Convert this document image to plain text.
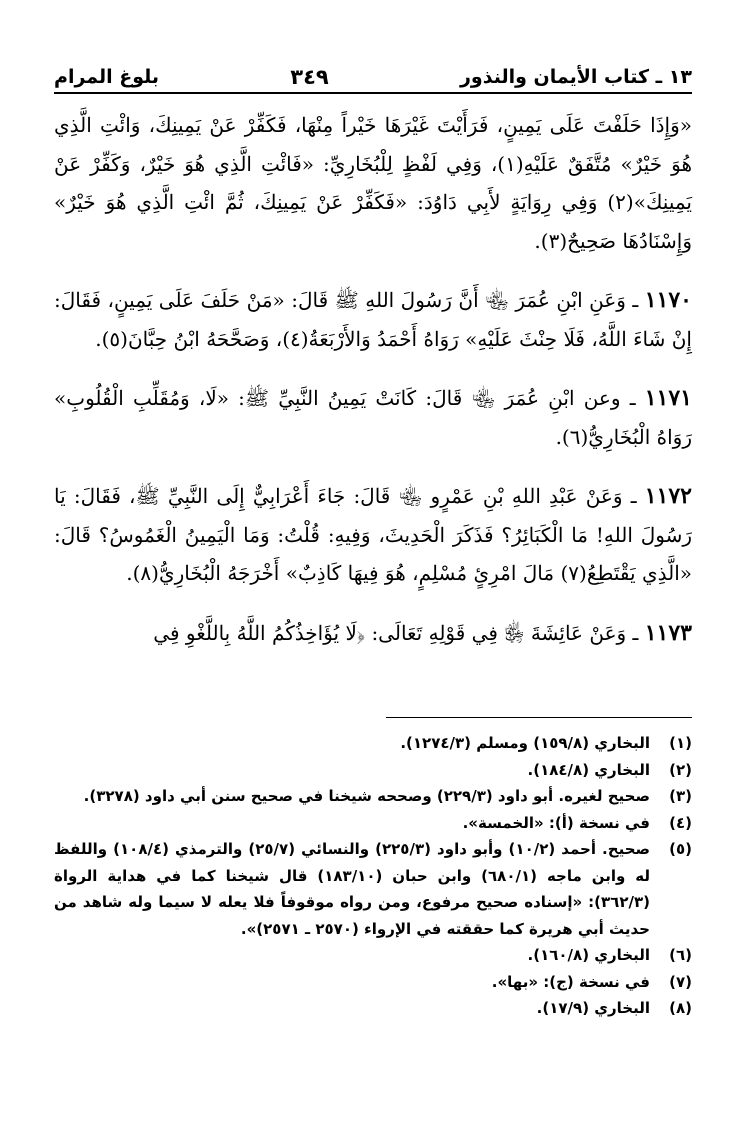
١٣ ـ كتاب الأيمان والنذور
٣٤٩
بلوغ المرام

«وَإِذَا حَلَفْتَ عَلَى يَمِينٍ، فَرَأَيْتَ غَيْرَهَا خَيْراً مِنْهَا، فَكَفِّرْ عَنْ يَمِينِكَ، وَائْتِ الَّذِي هُوَ خَيْرٌ» مُتَّفَقٌ عَلَيْهِ(١)، وَفِي لَفْظٍ لِلْبُخَارِيِّ: «فَائْتِ الَّذِي هُوَ خَيْرٌ، وَكَفِّرْ عَنْ يَمِينِكَ»(٢) وَفِي رِوَايَةٍ لأَبِي دَاوُدَ: «فَكَفِّرْ عَنْ يَمِينِكَ، ثُمَّ ائْتِ الَّذِي هُوَ خَيْرٌ» وَإِسْنَادُهَا صَحِيحٌ(٣).

١١٧٠ ـ وَعَنِ ابْنِ عُمَرَ ﵄ أَنَّ رَسُولَ اللهِ ﷺ قَالَ: «مَنْ حَلَفَ عَلَى يَمِينٍ، فَقَالَ: إِنْ شَاءَ اللَّهُ، فَلَا حِنْثَ عَلَيْهِ» رَوَاهُ أَحْمَدُ وَالأَرْبَعَةُ(٤)، وَصَحَّحَهُ ابْنُ حِبَّانَ(٥).

١١٧١ ـ وعن ابْنِ عُمَرَ ﵄ قَالَ: كَانَتْ يَمِينُ النَّبِيِّ ﷺ: «لَا، وَمُقَلِّبِ الْقُلُوبِ» رَوَاهُ الْبُخَارِيُّ(٦).

١١٧٢ ـ وَعَنْ عَبْدِ اللهِ بْنِ عَمْرٍو ﵄ قَالَ: جَاءَ أَعْرَابِيٌّ إِلَى النَّبِيِّ ﷺ، فَقَالَ: يَا رَسُولَ اللهِ! مَا الْكَبَائِرُ؟ فَذَكَرَ الْحَدِيثَ، وَفِيهِ: قُلْتُ: وَمَا الْيَمِينُ الْغَمُوسُ؟ قَالَ: «الَّذِي يَقْتَطِعُ(٧) مَالَ امْرِئٍ مُسْلِمٍ، هُوَ فِيهَا كَاذِبٌ» أَخْرَجَهُ الْبُخَارِيُّ(٨).

١١٧٣ ـ وَعَنْ عَائِشَةَ ﵂ فِي قَوْلِهِ تَعَالَى: ﴿لَا يُؤَاخِذُكُمُ اللَّهُ بِاللَّغْوِ فِي

(١)
البخاري (١٥٩/٨) ومسلم (١٢٧٤/٣).
(٢)
البخاري (١٨٤/٨).
(٣)
صحيح لغيره. أبو داود (٢٢٩/٣) وصححه شيخنا في صحيح سنن أبي داود (٣٢٧٨).
(٤)
في نسخة (أ): «الخمسة».
(٥)
صحيح. أحمد (١٠/٢) وأبو داود (٢٢٥/٣) والنسائي (٢٥/٧) والترمذي (١٠٨/٤) واللفظ له وابن ماجه (٦٨٠/١) وابن حبان (١٨٣/١٠) قال شيخنا كما في هداية الرواة (٣٦٢/٣): «إسناده صحيح مرفوع، ومن رواه موقوفاً فلا يعله لا سيما وله شاهد من حديث أبي هريرة كما حققته في الإرواء (٢٥٧٠ ـ ٢٥٧١)».
(٦)
البخاري (١٦٠/٨).
(٧)
في نسخة (ج): «بها».
(٨)
البخاري (١٧/٩).
